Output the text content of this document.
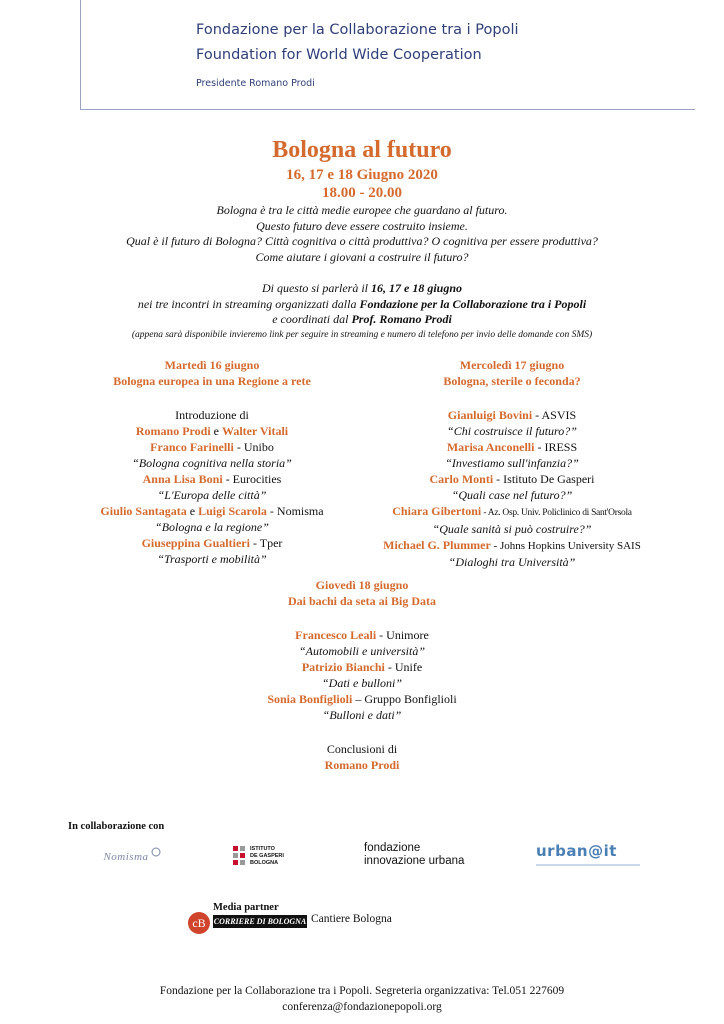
Fondazione per la Collaborazione tra i Popoli
Foundation for World Wide Cooperation
Presidente Romano Prodi
Bologna al futuro
16, 17 e 18 Giugno 2020
18.00 - 20.00
Bologna è tra le città medie europee che guardano al futuro.
Questo futuro deve essere costruito insieme.
Qual è il futuro di Bologna? Città cognitiva o città produttiva? O cognitiva per essere produttiva?
Come aiutare i giovani a costruire il futuro?
Di questo si parlerà il 16, 17 e 18 giugno
nei tre incontri in streaming organizzati dalla Fondazione per la Collaborazione tra i Popoli
e coordinati dal Prof. Romano Prodi
(appena sarà disponibile invieremo link per seguire in streaming e numero di telefono per invio delle domande con SMS)
Martedì 16 giugno
Bologna europea in una Regione a rete
Introduzione di
Romano Prodi e Walter Vitali
Franco Farinelli - Unibo
“Bologna cognitiva nella storia”
Anna Lisa Boni - Eurocities
“L'Europa delle città”
Giulio Santagata e Luigi Scarola - Nomisma
“Bologna e la regione”
Giuseppina Gualtieri - Tper
“Trasporti e mobilità”
Mercoledì 17 giugno
Bologna, sterile o feconda?
Gianluigi Bovini - ASVIS
“Chi costruisce il futuro?”
Marisa Anconelli - IRESS
“Investiamo sull'infanzia?”
Carlo Monti - Istituto De Gasperi
“Quali case nel futuro?”
Chiara Gibertoni - Az. Osp. Univ. Policlinico di Sant'Orsola
“Quale sanità si può costruire?”
Michael G. Plummer - Johns Hopkins University SAIS
“Dialoghi tra Università”
Giovedì 18 giugno
Dai bachi da seta ai Big Data
Francesco Leali - Unimore
“Automobili e università”
Patrizio Bianchi - Unife
“Dati e bulloni”
Sonia Bonfiglioli – Gruppo Bonfiglioli
“Bulloni e dati”
Conclusioni di
Romano Prodi
In collaborazione con
Nomisma
ISTITUTO
DE GASPERI
BOLOGNA
fondazione
innovazione urbana
urban@it
Media partner
cB	CORRIERE DI BOLOGNA Cantiere Bologna
Fondazione per la Collaborazione tra i Popoli. Segreteria organizzativa: Tel.051 227609
conferenza@fondazionepopoli.org
